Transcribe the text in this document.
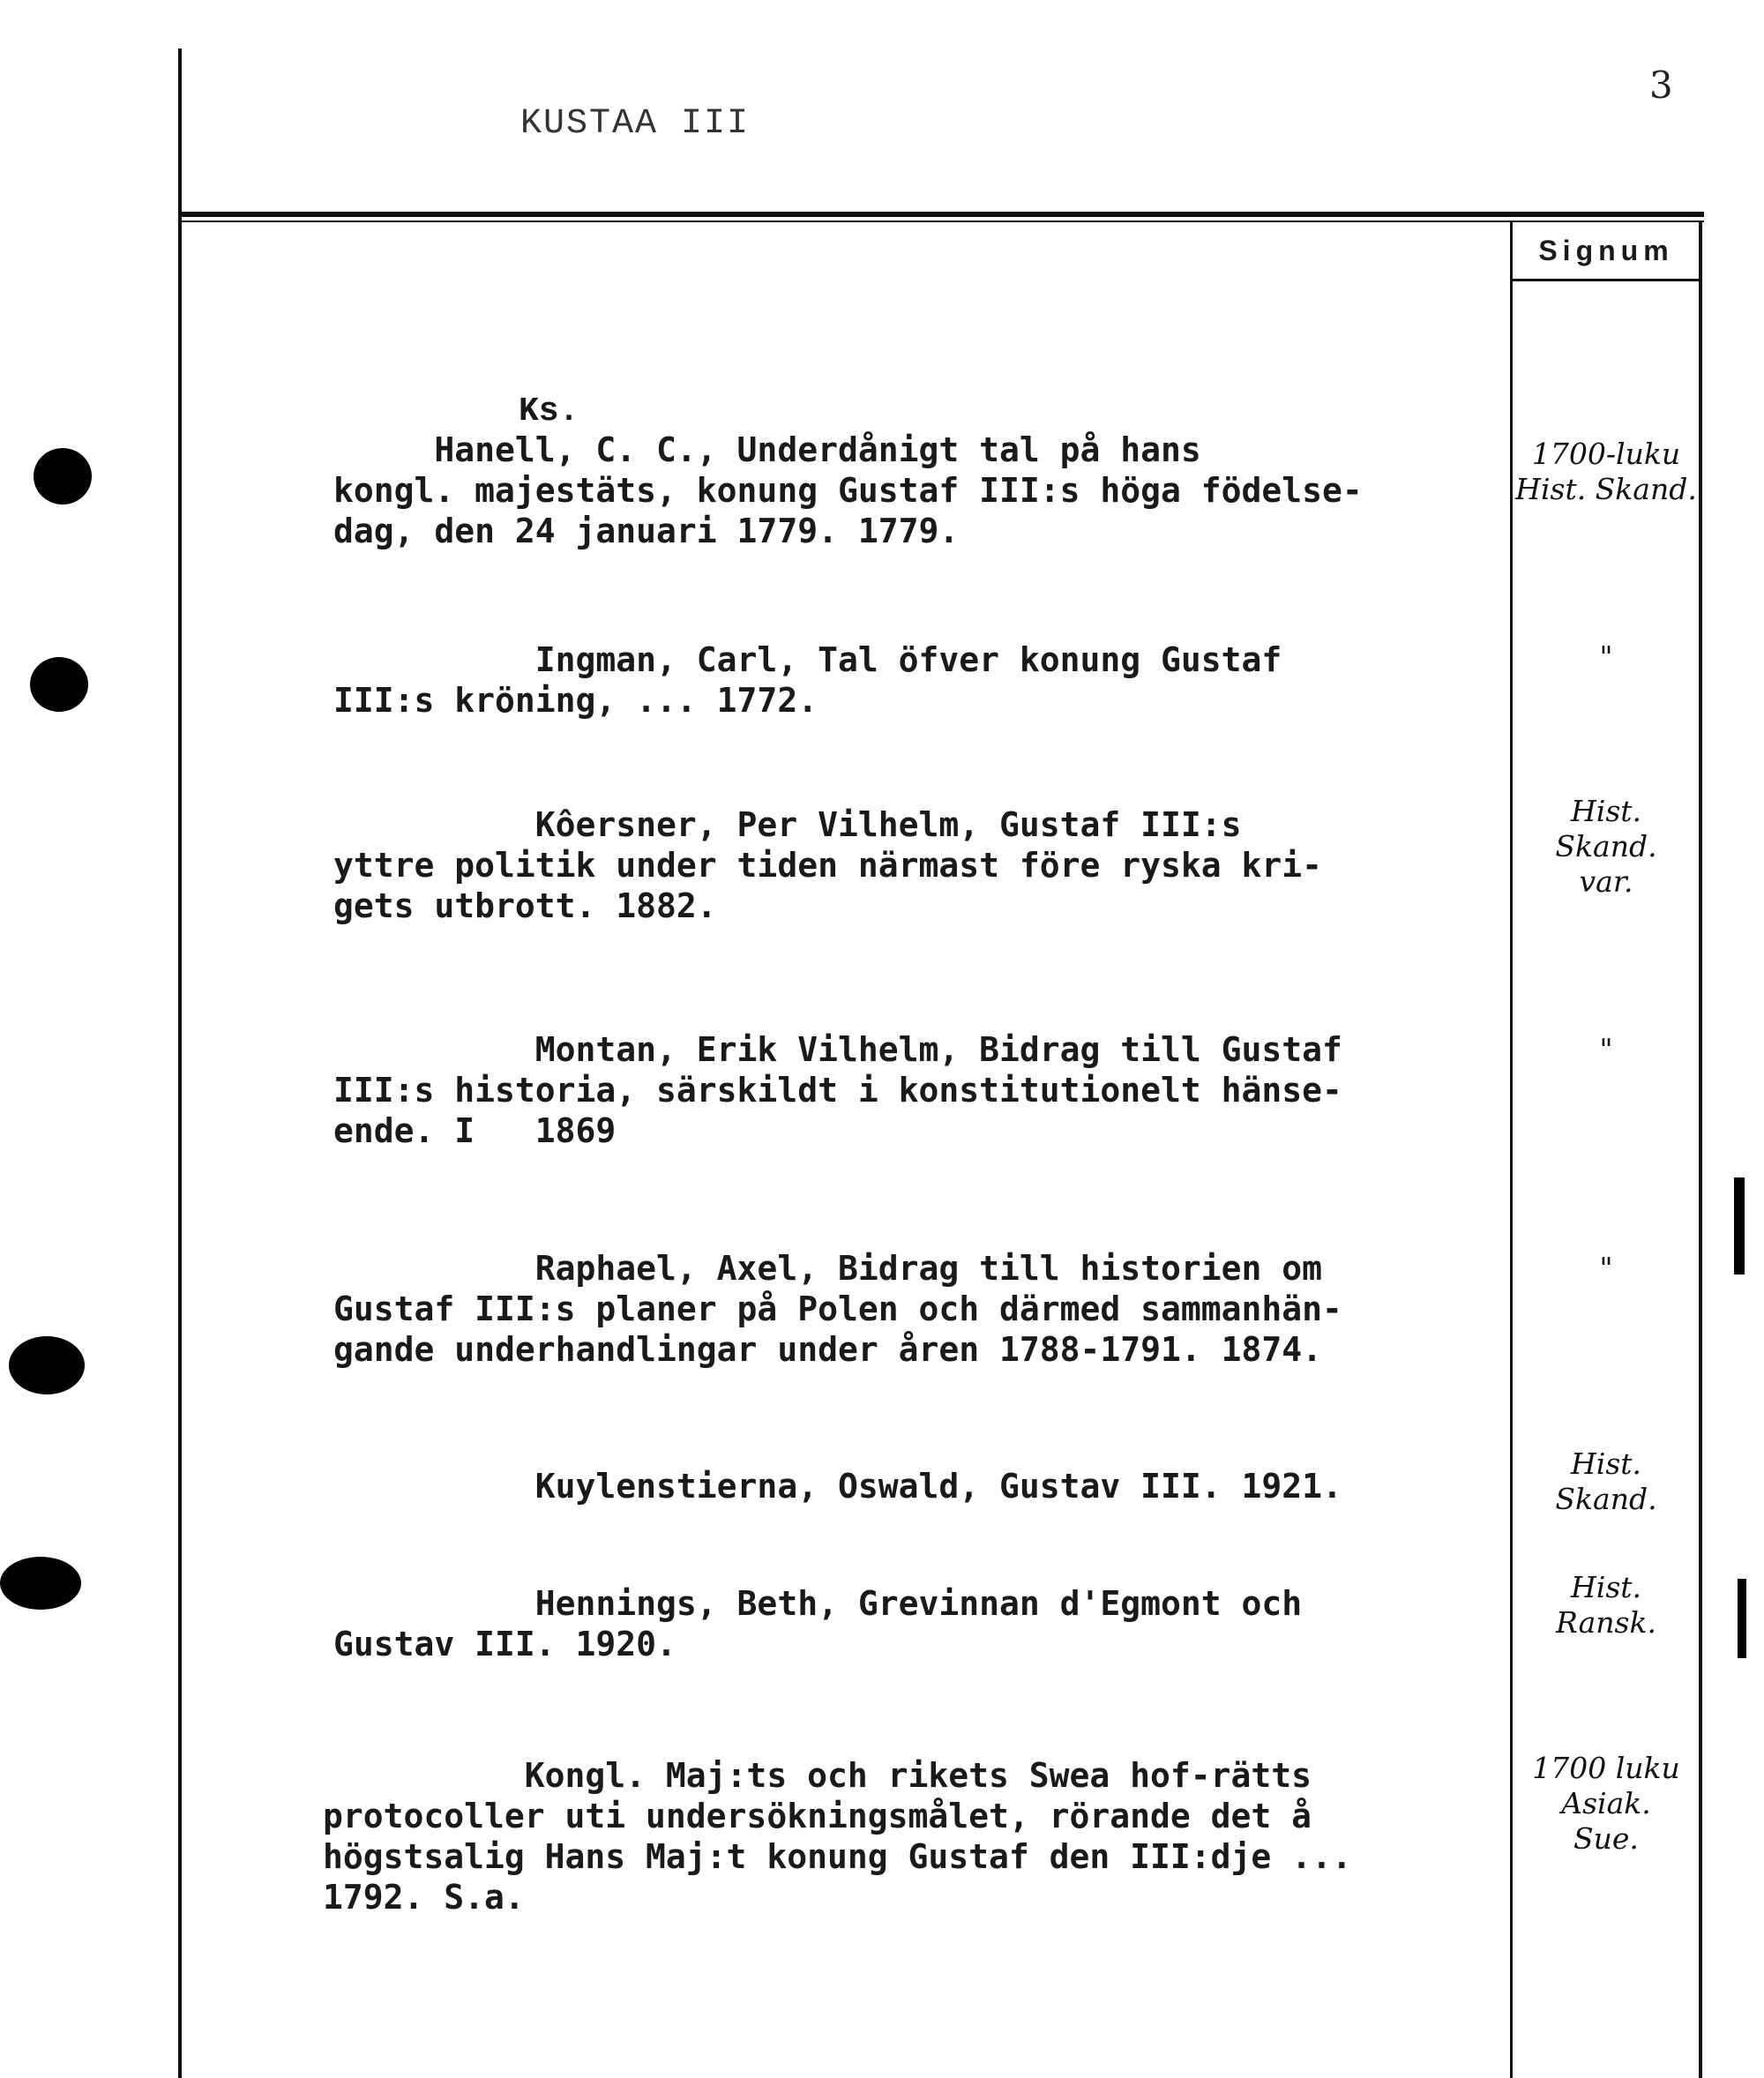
KUSTAA III
3
Signum
Ks.
Hanell, C. C., Underdånigt tal på hans
kongl. majestäts, konung Gustaf III:s höga födelse-
dag, den 24 januari 1779. 1779.
1700-luku
Hist. Skand.
Ingman, Carl, Tal öfver konung Gustaf
III:s kröning, ... 1772.
"
Kôersner, Per Vilhelm, Gustaf III:s
yttre politik under tiden närmast före ryska kri-
gets utbrott. 1882.
Hist.
Skand.
var.
Montan, Erik Vilhelm, Bidrag till Gustaf
III:s historia, särskildt i konstitutionelt hänse-
ende. I   1869
"
Raphael, Axel, Bidrag till historien om
Gustaf III:s planer på Polen och därmed sammanhän-
gande underhandlingar under åren 1788-1791. 1874.
"
Kuylenstierna, Oswald, Gustav III. 1921.
Hist.
Skand.
Hennings, Beth, Grevinnan d'Egmont och
Gustav III. 1920.
Hist.
Ransk.
Kongl. Maj:ts och rikets Swea hof-rätts
protocoller uti undersökningsmålet, rörande det å
högstsalig Hans Maj:t konung Gustaf den III:dje ...
1792. S.a.
1700 luku
Asiak.
Sue.
